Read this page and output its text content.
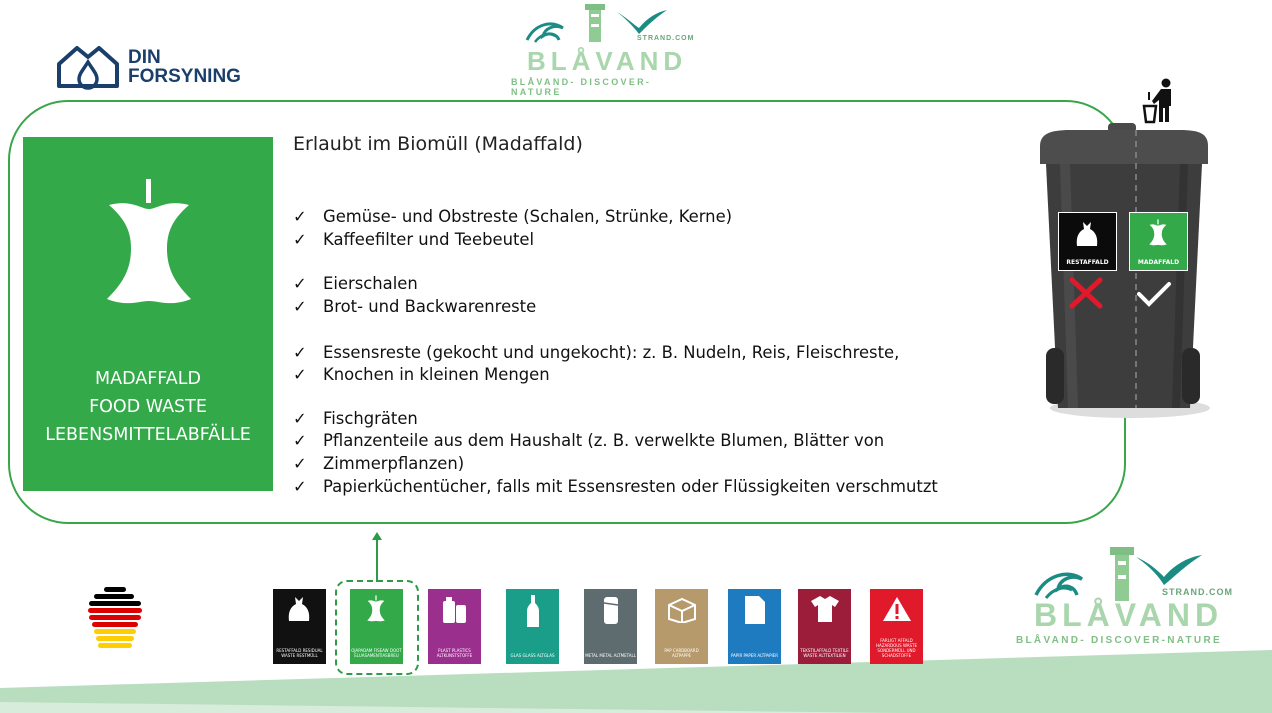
DIN
FORSYNING
STRAND.COM
BLÅVAND
BLÅVAND- DISCOVER-NATURE
MADAFFALD
FOOD WASTE
LEBENSMITTELABFÄLLE
Erlaubt im Biomüll (Madaffald)
✓ Gemüse- und Obstreste (Schalen, Strünke, Kerne)
✓ Kaffeefilter und Teebeutel
✓ Eierschalen
✓ Brot- und Backwarenreste
✓ Essensreste (gekocht und ungekocht): z. B. Nudeln, Reis, Fleischreste,
✓ Knochen in kleinen Mengen
✓ Fischgräten
✓ Pflanzenteile aus dem Haushalt (z. B. verwelkte Blumen, Blätter von
✓ Zimmerpflanzen)
✓ Papierküchentücher, falls mit Essensresten oder Flüssigkeiten verschmutzt
RESTAFFALD	MADAFFALD
RESTAFFALD RESIDUAL WASTE RESTMÜLL
OJAPADAM FISEAW DOOT ELUASAMENTIASBREU
PLAST PLASTICS ALTKUNSTSTOFFE	GLAS GLASS ALTGLAS	METAL METAL ALTMETALL
PAP CARDBOARD ALTPAPPE	PAPIR PAPER ALTPAPIER
TEKSTILAFFALD TEXTILE WASTE ALTTEXTILIEN
FARLIGT AFFALD HAZARDOUS WASTE SONDERMÜLL UND SCHADSTOFFE
STRAND.COM
BLÅVAND
BLÅVAND- DISCOVER-NATURE
